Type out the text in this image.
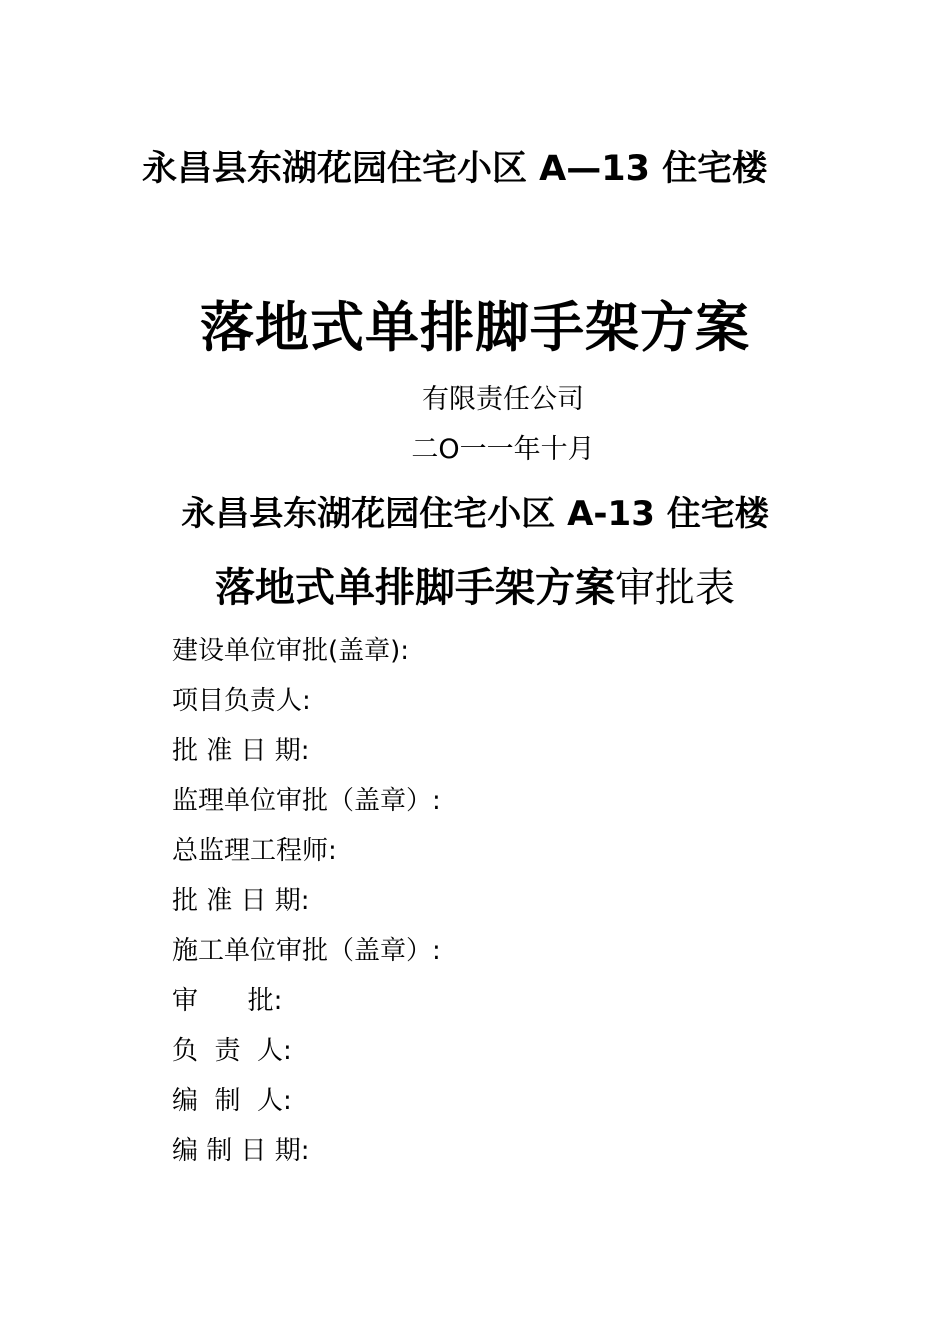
永昌县东湖花园住宅小区 A—13 住宅楼
落地式单排脚手架方案
有限责任公司
二O一一年十月
永昌县东湖花园住宅小区 A-13 住宅楼
落地式单排脚手架方案审批表
建设单位审批(盖章):
项目负责人:
批 准 日 期:
监理单位审批（盖章）:
总监理工程师:
批 准 日 期:
施工单位审批（盖章）:
审      批:
负  责  人:
编  制  人:
编 制 日 期:
